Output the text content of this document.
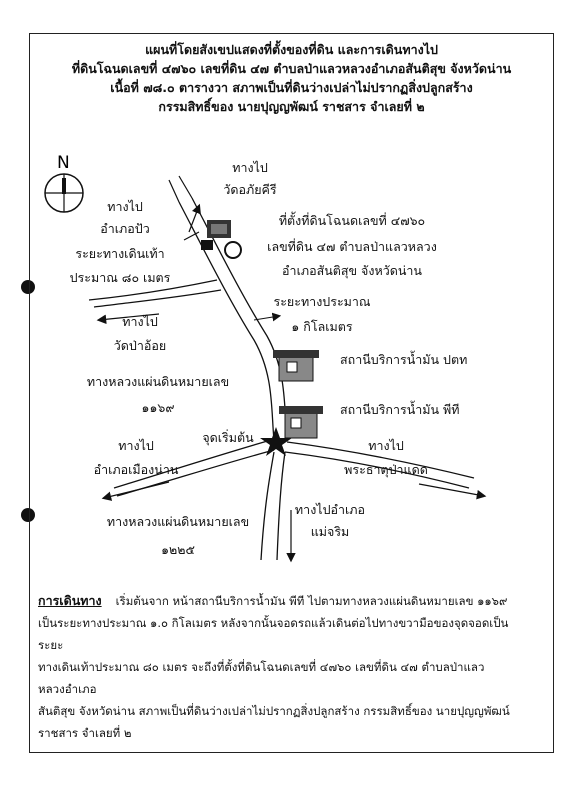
แผนที่โดยสังเขปแสดงที่ตั้งของที่ดิน และการเดินทางไป
ที่ดินโฉนดเลขที่ ๔๗๖๐ เลขที่ดิน ๔๗ ตำบลป่าแลวหลวงอำเภอสันติสุข จังหวัดน่าน
เนื้อที่ ๗๘.๐ ตารางวา สภาพเป็นที่ดินว่างเปล่าไม่ปรากฏสิ่งปลูกสร้าง
กรรมสิทธิ์ของ นายปุญญพัฒน์ ราชสาร จำเลยที่ ๒
N	ทางไป
วัดอภัยคีรี
ทางไป
อำเภอปัว
ระยะทางเดินเท้า
ประมาณ ๘๐ เมตร
ที่ตั้งที่ดินโฉนดเลขที่ ๔๗๖๐
เลขที่ดิน ๔๗ ตำบลป่าแลวหลวง
อำเภอสันติสุข จังหวัดน่าน
ระยะทางประมาณ
๑ กิโลเมตร
ทางไป
วัดป่าอ้อย
สถานีบริการน้ำมัน ปตท
ทางหลวงแผ่นดินหมายเลข
๑๑๖๙	สถานีบริการน้ำมัน พีที
ทางไป
อำเภอเมืองน่าน
จุดเริ่มต้น
ทางไป
พระธาตุป่าแดด
ทางหลวงแผ่นดินหมายเลข
๑๒๒๕
ทางไปอำเภอ
แม่จริม
การเดินทาง เริ่มต้นจาก หน้าสถานีบริการน้ำมัน พีที ไปตามทางหลวงแผ่นดินหมายเลข ๑๑๖๙
เป็นระยะทางประมาณ ๑.๐ กิโลเมตร หลังจากนั้นจอดรถแล้วเดินต่อไปทางขวามือของจุดจอดเป็นระยะ
ทางเดินเท้าประมาณ ๘๐ เมตร จะถึงที่ตั้งที่ดินโฉนดเลขที่ ๔๗๖๐ เลขที่ดิน ๔๗ ตำบลป่าแลวหลวงอำเภอ
สันติสุข จังหวัดน่าน สภาพเป็นที่ดินว่างเปล่าไม่ปรากฏสิ่งปลูกสร้าง กรรมสิทธิ์ของ นายปุญญพัฒน์
ราชสาร จำเลยที่ ๒
